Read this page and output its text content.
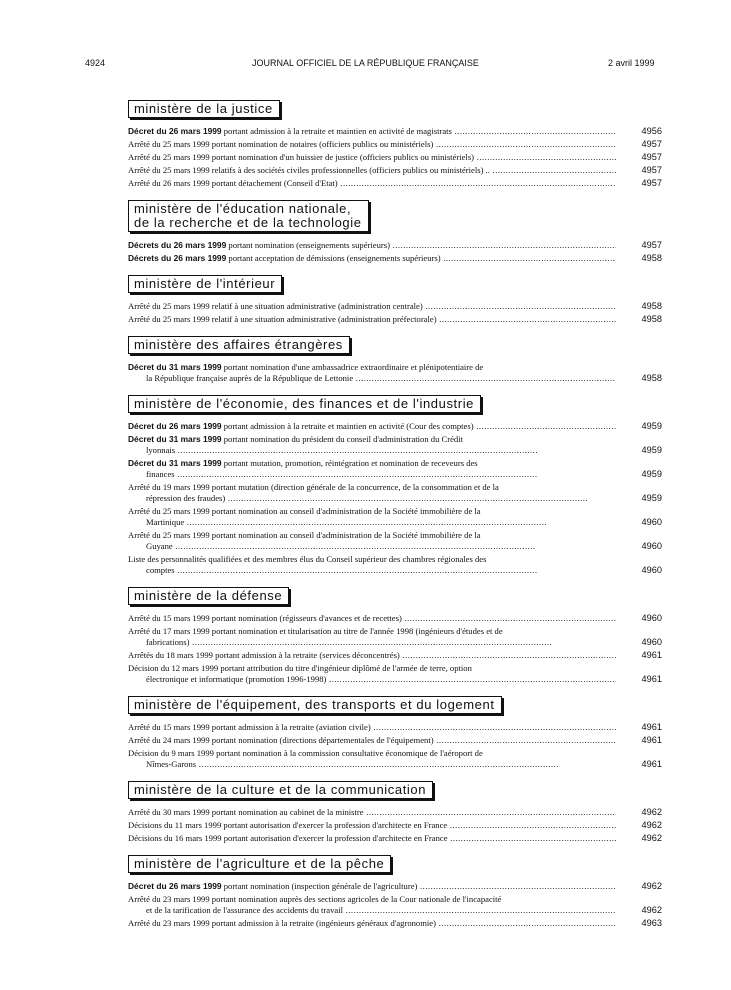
4924	JOURNAL OFFICIEL DE LA RÉPUBLIQUE FRANÇAISE	2 avril 1999
ministère de la justice
Décret du 26 mars 1999 portant admission à la retraite et maintien en activité de magistrats .....	4956
Arrêté du 25 mars 1999 portant nomination de notaires (officiers publics ou ministériels) .....	4957
Arrêté du 25 mars 1999 portant nomination d'un huissier de justice (officiers publics ou ministériels) .....	4957
Arrêté du 25 mars 1999 relatifs à des sociétés civiles professionnelles (officiers publics ou ministériels) .. .....	4957
Arrêté du 26 mars 1999 portant détachement (Conseil d'Etat) .....	4957
ministère de l'éducation nationale,
de la recherche et de la technologie
Décrets du 26 mars 1999 portant nomination (enseignements supérieurs) .....	4957
Décrets du 26 mars 1999 portant acceptation de démissions (enseignements supérieurs) .....	4958
ministère de l'intérieur
Arrêté du 25 mars 1999 relatif à une situation administrative (administration centrale) .....	4958
Arrêté du 25 mars 1999 relatif à une situation administrative (administration préfectorale) .....	4958
ministère des affaires étrangères
Décret du 31 mars 1999 portant nomination d'une ambassadrice extraordinaire et plénipotentiaire de
la République française auprès de la République de Lettonie .....	4958
ministère de l'économie, des finances et de l'industrie
Décret du 26 mars 1999 portant admission à la retraite et maintien en activité (Cour des comptes) .....	4959
Décret du 31 mars 1999 portant nomination du président du conseil d'administration du Crédit
lyonnais .....	4959
Décret du 31 mars 1999 portant mutation, promotion, réintégration et nomination de receveurs des
finances .....	4959
Arrêté du 19 mars 1999 portant mutation (direction générale de la concurrence, de la consommation et de la
répression des fraudes) .....	4959
Arrêté du 25 mars 1999 portant nomination au conseil d'administration de la Société immobilière de la
Martinique .....	4960
Arrêté du 25 mars 1999 portant nomination au conseil d'administration de la Société immobilière de la
Guyane .....	4960
Liste des personnalités qualifiées et des membres élus du Conseil supérieur des chambres régionales des
comptes .....	4960
ministère de la défense
Arrêté du 15 mars 1999 portant nomination (régisseurs d'avances et de recettes) .....	4960
Arrêté du 17 mars 1999 portant nomination et titularisation au titre de l'année 1998 (ingénieurs d'études et de
fabrications) .....	4960
Arrêtés du 18 mars 1999 portant admission à la retraite (services déconcentrés) .....	4961
Décision du 12 mars 1999 portant attribution du titre d'ingénieur diplômé de l'armée de terre, option
électronique et informatique (promotion 1996-1998) .....	4961
ministère de l'équipement, des transports et du logement
Arrêté du 15 mars 1999 portant admission à la retraite (aviation civile) .....	4961
Arrêté du 24 mars 1999 portant nomination (directions départementales de l'équipement) .....	4961
Décision du 9 mars 1999 portant nomination à la commission consultative économique de l'aéroport de
Nîmes-Garons .....	4961
ministère de la culture et de la communication
Arrêté du 30 mars 1999 portant nomination au cabinet de la ministre .....	4962
Décisions du 11 mars 1999 portant autorisation d'exercer la profession d'architecte en France .....	4962
Décisions du 16 mars 1999 portant autorisation d'exercer la profession d'architecte en France .....	4962
ministère de l'agriculture et de la pêche
Décret du 26 mars 1999 portant nomination (inspection générale de l'agriculture) .....	4962
Arrêté du 23 mars 1999 portant nomination auprès des sections agricoles de la Cour nationale de l'incapacité
et de la tarification de l'assurance des accidents du travail .....	4962
Arrêté du 23 mars 1999 portant admission à la retraite (ingénieurs généraux d'agronomie) .....	4963
